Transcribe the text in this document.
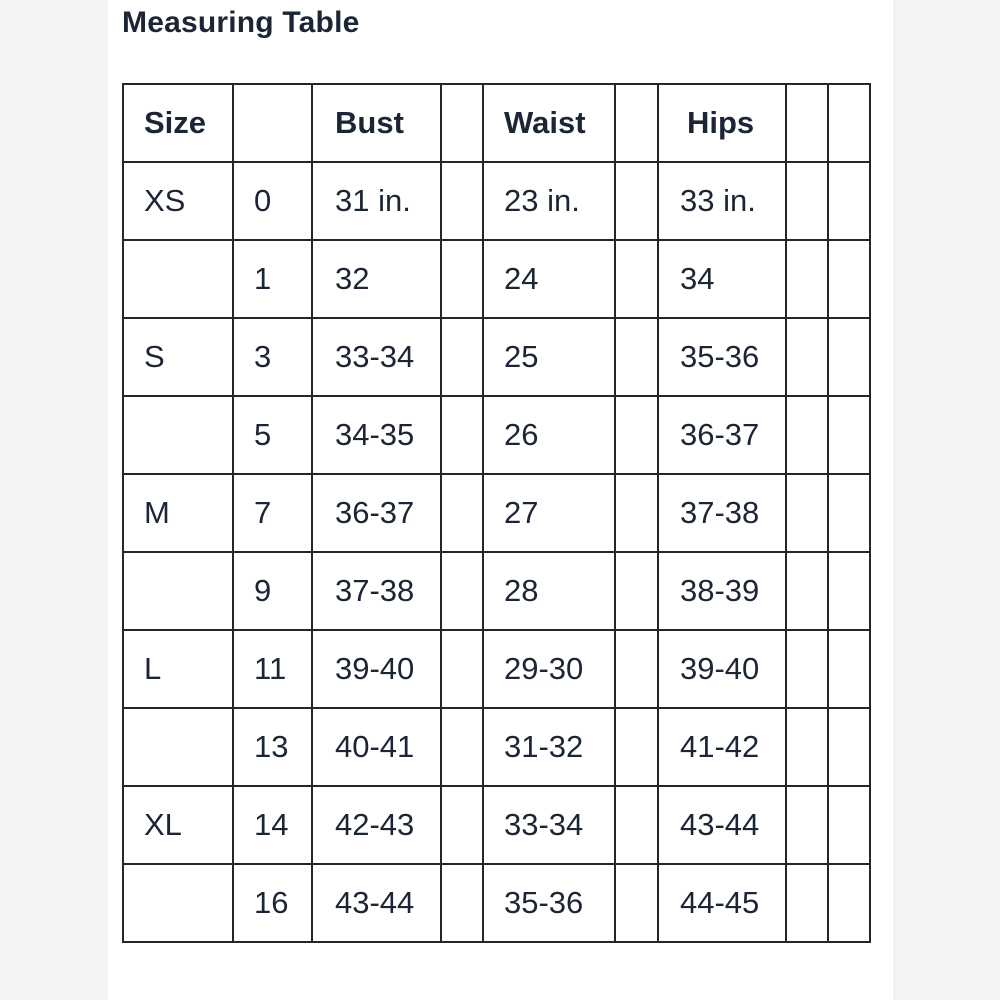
Measuring Table
Size		Bust		Waist		Hips		
XS	0	31 in.		23 in.		33 in.		
	1	32		24		34		
S	3	33-34		25		35-36		
	5	34-35		26		36-37		
M	7	36-37		27		37-38		
	9	37-38		28		38-39		
L	11	39-40		29-30		39-40		
	13	40-41		31-32		41-42		
XL	14	42-43		33-34		43-44		
	16	43-44		35-36		44-45		
